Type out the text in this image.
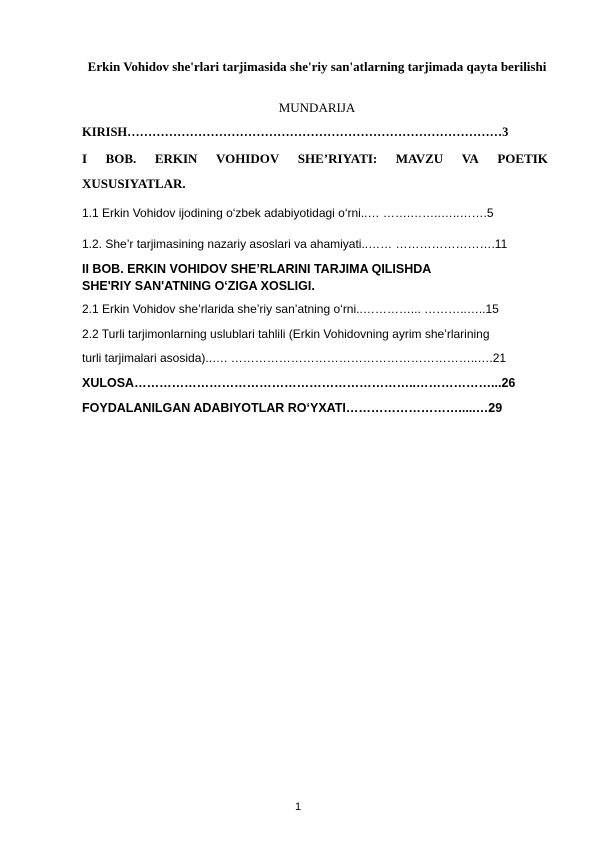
Erkin Vohidov she'rlari tarjimasida she'riy san'atlarning tarjimada qayta berilishi
MUNDARIJA
KIRISH………………………………………………………………………………3
I BOB. ERKIN VOHIDOV SHE’RIYATI: MAVZU VA POETIK
XUSUSIYATLAR.
1.1 Erkin Vohidov ijodining o‘zbek adabiyotidagi o‘rni..… …….……..…..…….5
1.2. She’r tarjimasining nazariy asoslari va ahamiyati..…… …………………….11
II BOB. ERKIN VOHIDOV SHE’RLARINI TARJIMA QILISHDA
SHE'RIY SAN'ATNING O‘ZIGA XOSLIGI.
2.1 Erkin Vohidov she’rlarida she’riy san’atning o‘rni..…………... ………..…..15
2.2 Turli tarjimonlarning uslublari tahlili (Erkin Vohidovning ayrim she’rlarining
turli tarjimalari asosida)..…. ……………………………………………………..….21
XULOSA…………………………………………………………..………………...26
FOYDALANILGAN ADABIYOTLAR RO‘YXATI……………………….....…29
1
